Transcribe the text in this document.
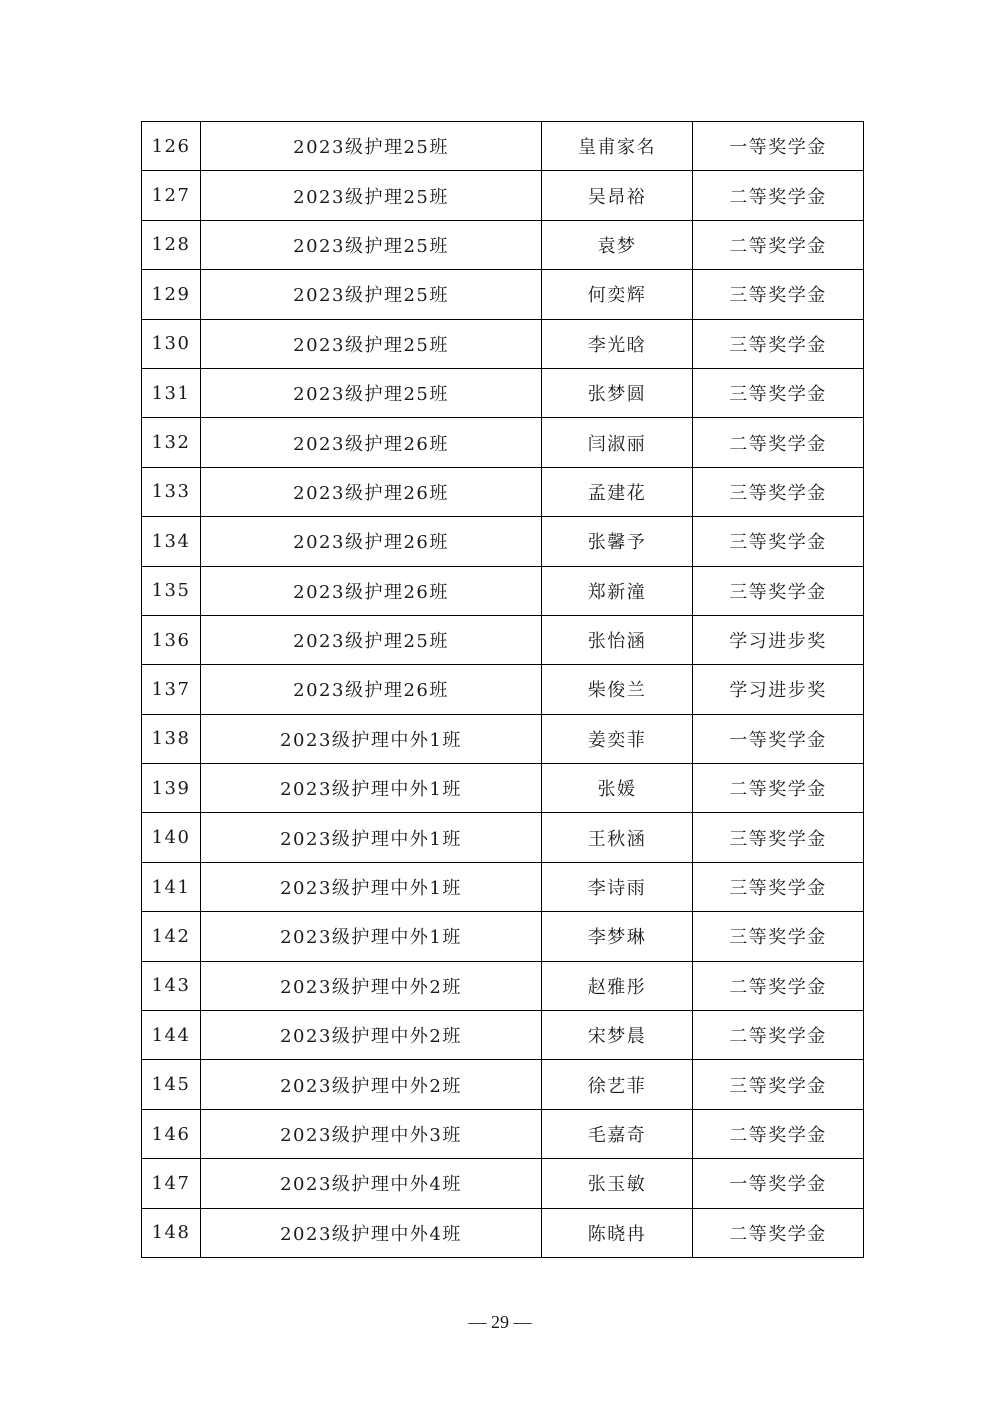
126	2023级护理25班	皇甫家名	一等奖学金
127	2023级护理25班	吴昂裕	二等奖学金
128	2023级护理25班	袁梦	二等奖学金
129	2023级护理25班	何奕辉	三等奖学金
130	2023级护理25班	李光晗	三等奖学金
131	2023级护理25班	张梦圆	三等奖学金
132	2023级护理26班	闫淑丽	二等奖学金
133	2023级护理26班	孟建花	三等奖学金
134	2023级护理26班	张馨予	三等奖学金
135	2023级护理26班	郑新潼	三等奖学金
136	2023级护理25班	张怡涵	学习进步奖
137	2023级护理26班	柴俊兰	学习进步奖
138	2023级护理中外1班	姜奕菲	一等奖学金
139	2023级护理中外1班	张媛	二等奖学金
140	2023级护理中外1班	王秋涵	三等奖学金
141	2023级护理中外1班	李诗雨	三等奖学金
142	2023级护理中外1班	李梦琳	三等奖学金
143	2023级护理中外2班	赵雅彤	二等奖学金
144	2023级护理中外2班	宋梦晨	二等奖学金
145	2023级护理中外2班	徐艺菲	三等奖学金
146	2023级护理中外3班	毛嘉奇	二等奖学金
147	2023级护理中外4班	张玉敏	一等奖学金
148	2023级护理中外4班	陈晓冉	二等奖学金
— 29 —
